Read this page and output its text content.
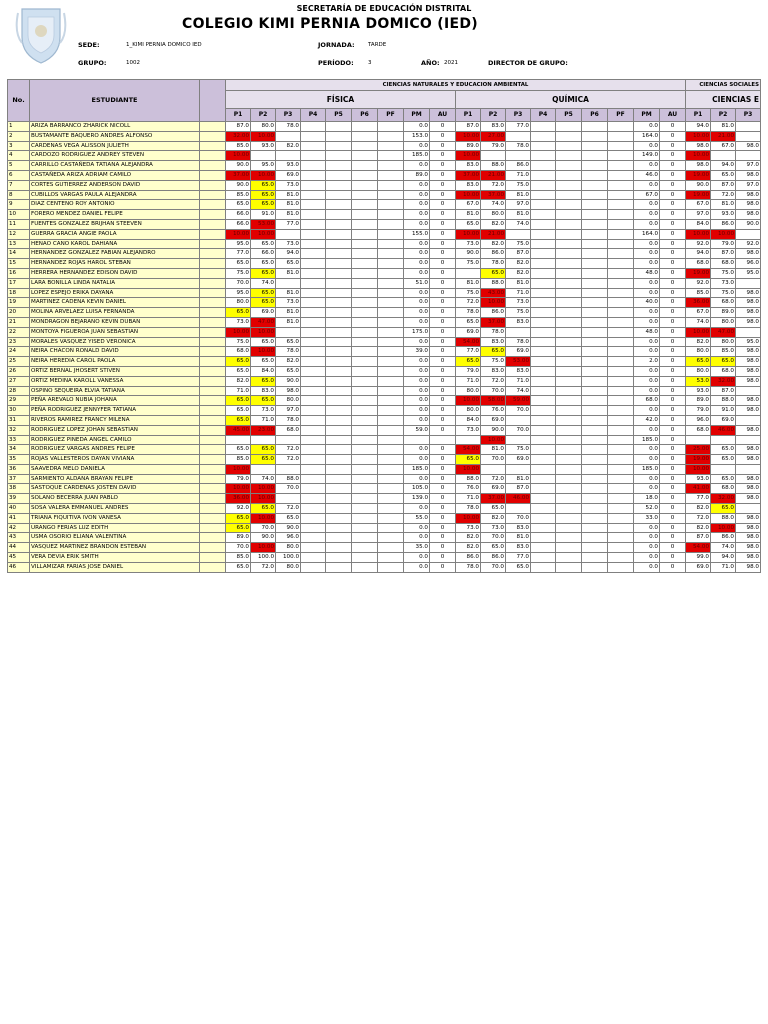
SECRETARÍA DE EDUCACIÓN DISTRITAL
COLEGIO KIMI PERNIA DOMICO (IED)
SEDE:	1_KIMI PERNIA DOMICO IED	JORNADA: TARDE
GRUPO:	1002	PERÍODO:	3	AÑO: 2021	DIRECTOR DE GRUPO:
No.	ESTUDIANTE		CIENCIAS NATURALES Y EDUCACION AMBIENTAL																		CIENCIAS SOCIALES		
			FÍSICA									QUÍMICA									CIENCIAS E		
			P1	P2	P3	P4	P5	P6	PF	PM	AU	P1	P2	P3	P4	P5	P6	PF	PM	AU	P1	P2	P3
1	ARIZA BARRANCO ZHARICK NICOLL		87.0	80.0	78.0					0.0	0	87.0	83.0	77.0					0.0	0	94.0	81.0	
2	BUSTAMANTE BAQUERO ANDRES ALFONSO		32.00	10.00						153.0	0	10.00	27.00						164.0	0	10.00	21.00	
3	CARDENAS VEGA ALISSON JULIETH		85.0	93.0	82.0					0.0	0	89.0	79.0	78.0					0.0	0	98.0	67.0	98.0
4	CARDOZO RODRIGUEZ ANDREY STEVEN		10.00							185.0	0	10.00							149.0	0	10.00		
5	CARRILLO CASTAÑEDA TATIANA ALEJANDRA		90.0	95.0	93.0					0.0	0	83.0	88.0	86.0					0.0	0	98.0	94.0	97.0
6	CASTAÑEDA ARIZA ADRIAM CAMILO		37.00	10.00	69.0					89.0	0	37.00	21.00	71.0					46.0	0	19.00	65.0	98.0
7	CORTES GUTIERREZ ANDERSON DAVID		90.0	65.0	73.0					0.0	0	83.0	72.0	75.0					0.0	0	90.0	87.0	97.0
8	CUBILLOS VARGAS PAULA ALEJANDRA		85.0	65.0	81.0					0.0	0	10.00	37.00	81.0					67.0	0	19.00	72.0	98.0
9	DIAZ CENTENO ROY ANTONIO		65.0	65.0	81.0					0.0	0	67.0	74.0	97.0					0.0	0	67.0	81.0	98.0
10	FORERO MENDEZ DANIEL FELIPE		66.0	91.0	81.0					0.0	0	81.0	80.0	81.0					0.0	0	97.0	93.0	98.0
11	FUENTES GONZALEZ BRIJHAN STEEVEN		66.0	53.00	77.0					0.0	0	65.0	82.0	74.0					0.0	0	84.0	86.0	90.0
12	GUERRA GRACIA ANGIE PAOLA		10.00	10.00						155.0	0	10.00	21.00						164.0	0	10.00	10.00	
13	HENAO CANO KAROL DAHIANA		95.0	65.0	73.0					0.0	0	73.0	82.0	75.0					0.0	0	92.0	79.0	92.0
14	HERNANDEZ GONZALEZ FABIAN ALEJANDRO		77.0	66.0	94.0					0.0	0	90.0	86.0	87.0					0.0	0	94.0	87.0	98.0
15	HERNANDEZ ROJAS HAROL STEBAN		65.0	65.0	65.0					0.0	0	75.0	78.0	82.0					0.0	0	68.0	68.0	96.0
16	HERRERA HERNANDEZ EDISON DAVID		75.0	65.0	81.0					0.0	0		65.0	82.0					48.0	0	19.00	75.0	95.0
17	LARA BONILLA LINDA NATALIA		70.0	74.0						51.0	0	81.0	88.0	81.0					0.0	0	92.0	73.0	
18	LOPEZ ESPEJO ERIKA DAYANA		95.0	65.0	81.0					0.0	0	75.0	43.00	71.0					0.0	0	85.0	75.0	98.0
19	MARTINEZ CADENA KEVIN DANIEL		80.0	65.0	73.0					0.0	0	72.0	10.00	73.0					40.0	0	36.00	68.0	98.0
20	MOLINA ARVELAEZ LUISA FERNANDA		65.0	69.0	81.0					0.0	0	78.0	86.0	75.0					0.0	0	67.0	89.0	98.0
21	MONDRAGON BEJARANO KEVIN DUBAN		73.0	47.00	81.0					0.0	0	65.0	37.00	83.0					0.0	0	74.0	80.0	98.0
22	MONTOYA FIGUEROA JUAN SEBASTIAN		10.00	10.00						175.0	0	69.0	78.0						48.0	0	10.00	47.00	
23	MORALES VASQUEZ YISED VERONICA		75.0	65.0	65.0					0.0	0	54.00	83.0	78.0					0.0	0	82.0	80.0	95.0
24	NEIRA CHACON RONALD DAVID		68.0	10.00	78.0					39.0	0	77.0	65.0	69.0					0.0	0	80.0	85.0	98.0
25	NEIRA HEREDIA CAROL PAOLA		65.0	65.0	82.0					0.0	0	65.0	75.0	53.00					2.0	0	65.0	65.0	98.0
26	ORTIZ BERNAL JHOSERT STIVEN		65.0	84.0	65.0					0.0	0	79.0	83.0	83.0					0.0	0	80.0	68.0	98.0
27	ORTIZ MEDINA KAROLL VANESSA		82.0	65.0	90.0					0.0	0	71.0	72.0	71.0					0.0	0	53.0	32.00	98.0
28	OSPINO SEQUEIRA ELVIA TATIANA		71.0	83.0	98.0					0.0	0	80.0	70.0	74.0					0.0	0	93.0	87.0	
29	PEÑA AREVALO NUBIA JOHANA		65.0	65.0	80.0					0.0	0	10.00	58.00	59.00					68.0	0	89.0	88.0	98.0
30	PEÑA RODRIGUEZ JENNYFER TATIANA		65.0	73.0	97.0					0.0	0	80.0	76.0	70.0					0.0	0	79.0	91.0	98.0
31	RIVEROS RAMIREZ FRANCY MILENA		65.0	71.0	78.0					0.0	0	84.0	69.0						42.0	0	96.0	69.0	
32	RODRIGUEZ LOPEZ JOHAN SEBASTIAN		45.00	23.00	68.0					59.0	0	73.0	90.0	70.0					0.0	0	68.0	46.00	98.0
33	RODRIGUEZ PINEDA ANGEL CAMILO												10.00						185.0	0			
34	RODRIGUEZ VARGAS ANDRES FELIPE		65.0	65.0	72.0					0.0	0	54.00	81.0	75.0					0.0	0	25.00	65.0	98.0
35	ROJAS VALLESTEROS DAYAN VIVIANA		85.0	65.0	72.0					0.0	0	65.0	70.0	69.0					0.0	0	19.00	65.0	98.0
36	SAAVEDRA MELO DANIELA		10.00							185.0	0	10.00							185.0	0	10.00		
37	SARMIENTO ALDANA BRAYAN FELIPE		79.0	74.0	88.0					0.0	0	88.0	72.0	81.0					0.0	0	93.0	65.0	98.0
38	SASTOQUE CARDENAS JOSTEN DAVID		10.00	10.00	70.0					105.0	0	76.0	69.0	87.0					0.0	0	41.00	68.0	98.0
39	SOLANO BECERRA JUAN PABLO		36.00	10.00						139.0	0	71.0	37.00	46.00					18.0	0	77.0	32.00	98.0
40	SOSA VALERA EMMANUEL ANDRES		92.0	65.0	72.0					0.0	0	78.0	65.0						52.0	0	82.0	65.0	
41	TRIANA FIQUITIVA IVON VANESA		65.0	10.00	65.0					55.0	0	10.00	82.0	70.0					33.0	0	72.0	88.0	98.0
42	URANGO FERIAS LUZ EDITH		65.0	70.0	90.0					0.0	0	73.0	73.0	83.0					0.0	0	82.0	10.00	98.0
43	USMA OSORIO ELIANA VALENTINA		89.0	90.0	96.0					0.0	0	82.0	70.0	81.0					0.0	0	87.0	86.0	98.0
44	VASQUEZ MARTINEZ BRANDON ESTEBAN		70.0	10.00	80.0					35.0	0	82.0	65.0	83.0					0.0	0	54.00	74.0	98.0
45	VERA DEVIA ERIK SMITH		85.0	100.0	100.0					0.0	0	86.0	86.0	77.0					0.0	0	99.0	94.0	98.0
46	VILLAMIZAR FARIAS JOSE DANIEL		65.0	72.0	80.0					0.0	0	78.0	70.0	65.0					0.0	0	69.0	71.0	98.0
